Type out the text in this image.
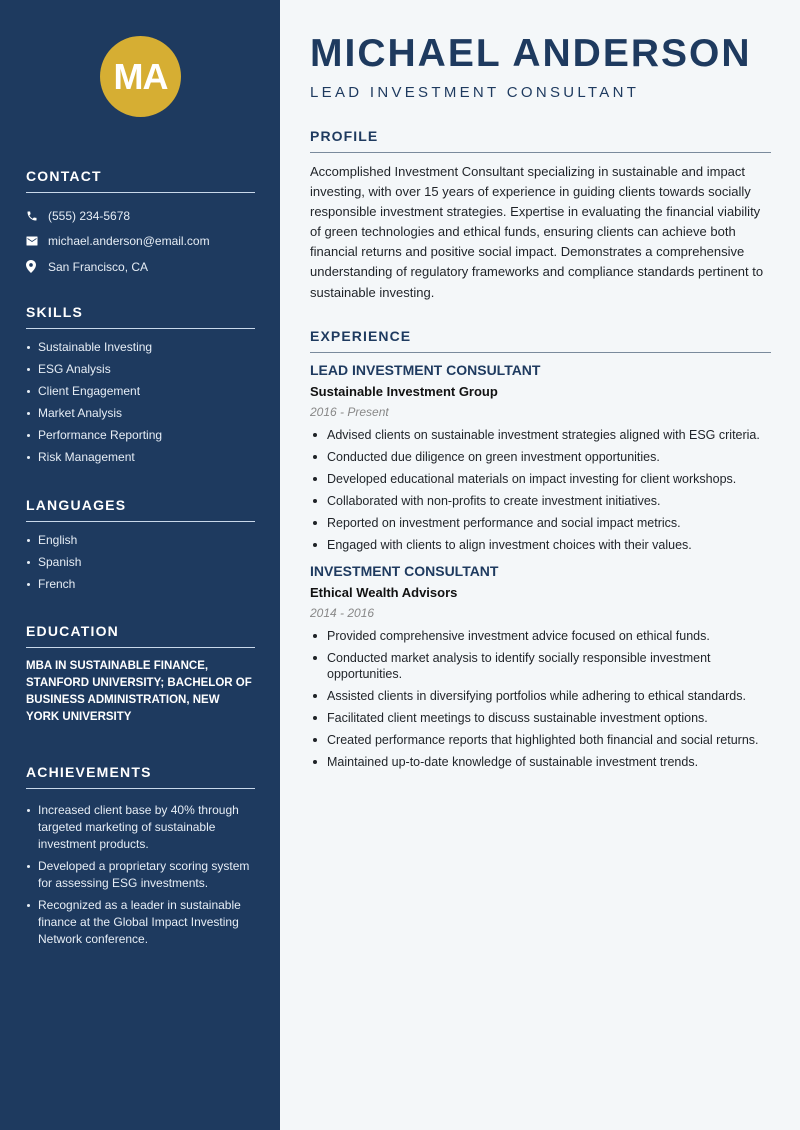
MA
CONTACT
(555) 234-5678
michael.anderson@email.com
San Francisco, CA
SKILLS
Sustainable Investing
ESG Analysis
Client Engagement
Market Analysis
Performance Reporting
Risk Management
LANGUAGES
English
Spanish
French
EDUCATION
MBA IN SUSTAINABLE FINANCE, STANFORD UNIVERSITY; BACHELOR OF BUSINESS ADMINISTRATION, NEW YORK UNIVERSITY
ACHIEVEMENTS
Increased client base by 40% through targeted marketing of sustainable investment products.
Developed a proprietary scoring system for assessing ESG investments.
Recognized as a leader in sustainable finance at the Global Impact Investing Network conference.
MICHAEL ANDERSON
LEAD INVESTMENT CONSULTANT
PROFILE

Accomplished Investment Consultant specializing in sustainable and impact investing, with over 15 years of experience in guiding clients towards socially responsible investment strategies. Expertise in evaluating the financial viability of green technologies and ethical funds, ensuring clients can achieve both financial returns and positive social impact. Demonstrates a comprehensive understanding of regulatory frameworks and compliance standards pertinent to sustainable investing.

EXPERIENCE
LEAD INVESTMENT CONSULTANT
Sustainable Investment Group
2016 - Present
Advised clients on sustainable investment strategies aligned with ESG criteria.
Conducted due diligence on green investment opportunities.
Developed educational materials on impact investing for client workshops.
Collaborated with non-profits to create investment initiatives.
Reported on investment performance and social impact metrics.
Engaged with clients to align investment choices with their values.
INVESTMENT CONSULTANT
Ethical Wealth Advisors
2014 - 2016
Provided comprehensive investment advice focused on ethical funds.
Conducted market analysis to identify socially responsible investment opportunities.
Assisted clients in diversifying portfolios while adhering to ethical standards.
Facilitated client meetings to discuss sustainable investment options.
Created performance reports that highlighted both financial and social returns.
Maintained up-to-date knowledge of sustainable investment trends.
